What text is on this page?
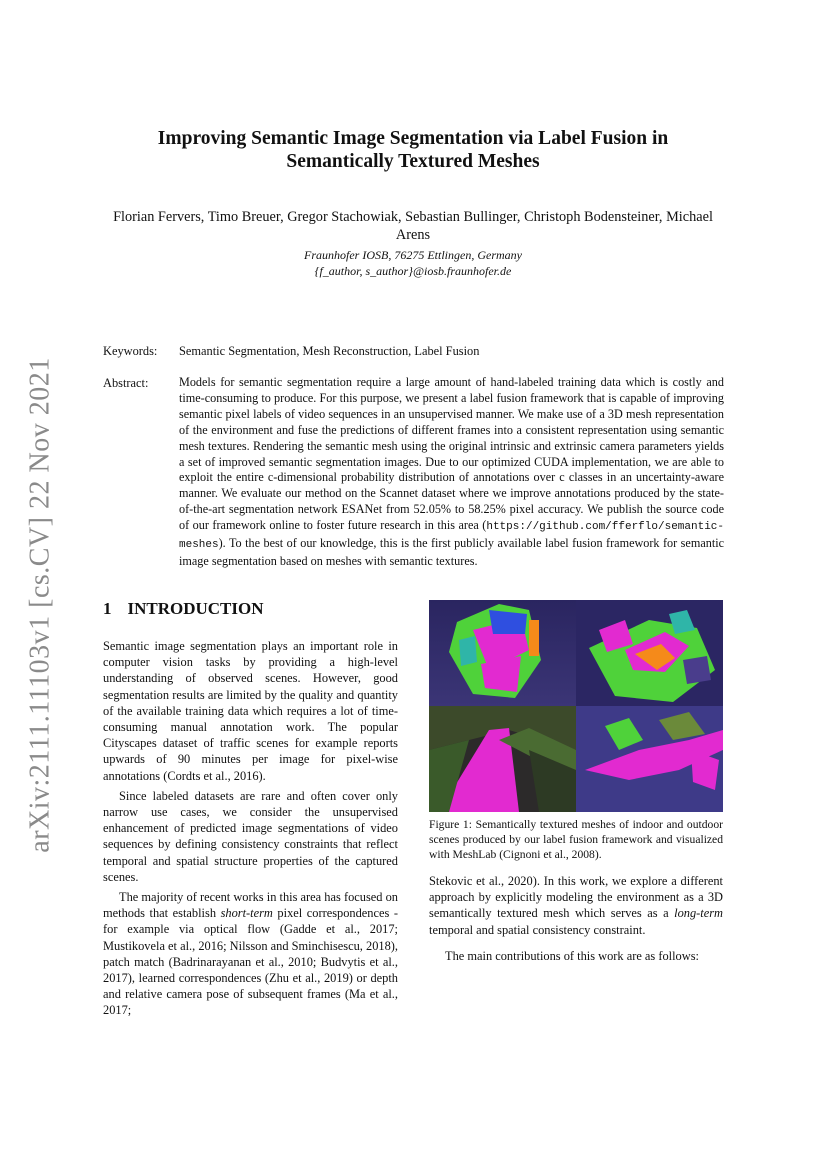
arXiv:2111.11103v1 [cs.CV] 22 Nov 2021
Improving Semantic Image Segmentation via Label Fusion in Semantically Textured Meshes
Florian Fervers, Timo Breuer, Gregor Stachowiak, Sebastian Bullinger, Christoph Bodensteiner, Michael Arens
Fraunhofer IOSB, 76275 Ettlingen, Germany
{f_author, s_author}@iosb.fraunhofer.de
Keywords: Semantic Segmentation, Mesh Reconstruction, Label Fusion
Abstract:	Models for semantic segmentation require a large amount of hand-labeled training data which is costly and time-consuming to produce. For this purpose, we present a label fusion framework that is capable of improving semantic pixel labels of video sequences in an unsupervised manner. We make use of a 3D mesh representation of the environment and fuse the predictions of different frames into a consistent representation using semantic mesh textures. Rendering the semantic mesh using the original intrinsic and extrinsic camera parameters yields a set of improved semantic segmentation images. Due to our optimized CUDA implementation, we are able to exploit the entire c-dimensional probability distribution of annotations over c classes in an uncertainty-aware manner. We evaluate our method on the Scannet dataset where we improve annotations produced by the state-of-the-art segmentation network ESANet from 52.05% to 58.25% pixel accuracy. We publish the source code of our framework online to foster future research in this area (https://github.com/fferflo/semantic-meshes). To the best of our knowledge, this is the first publicly available label fusion framework for semantic image segmentation based on meshes with semantic textures.
1 INTRODUCTION

Semantic image segmentation plays an important role in computer vision tasks by providing a high-level understanding of observed scenes. However, good segmentation results are limited by the quality and quantity of the available training data which requires a lot of time-consuming manual annotation work. The popular Cityscapes dataset of traffic scenes for example reports upwards of 90 minutes per image for pixel-wise annotations (Cordts et al., 2016).

Since labeled datasets are rare and often cover only narrow use cases, we consider the unsupervised enhancement of predicted image segmentations of video sequences by defining consistency constraints that reflect temporal and spatial structure properties of the captured scenes.

The majority of recent works in this area has focused on methods that establish short-term pixel correspondences - for example via optical flow (Gadde et al., 2017; Mustikovela et al., 2016; Nilsson and Sminchisescu, 2018), patch match (Badrinarayanan et al., 2010; Budvytis et al., 2017), learned correspondences (Zhu et al., 2019) or depth and relative camera pose of subsequent frames (Ma et al., 2017;

Figure 1: Semantically textured meshes of indoor and outdoor scenes produced by our label fusion framework and visualized with MeshLab (Cignoni et al., 2008).

Stekovic et al., 2020). In this work, we explore a different approach by explicitly modeling the environment as a 3D semantically textured mesh which serves as a long-term temporal and spatial consistency constraint.

The main contributions of this work are as follows:
